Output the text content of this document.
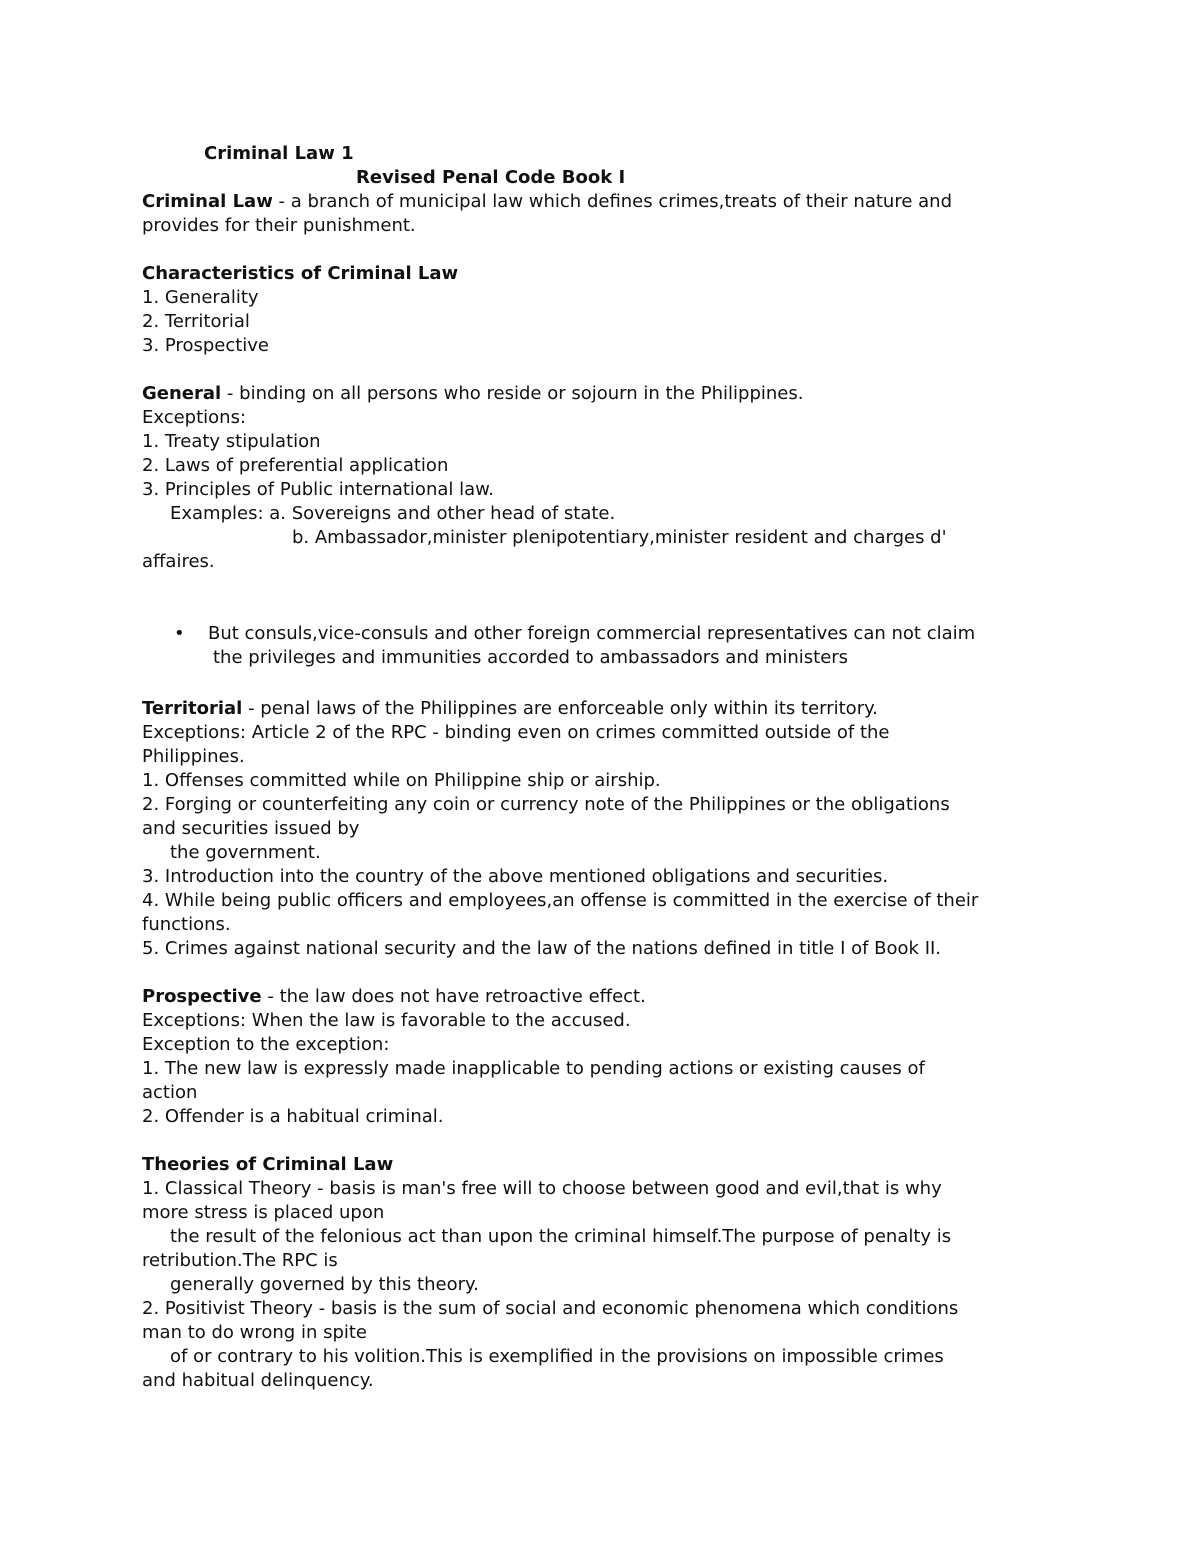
Criminal Law 1
Revised Penal Code Book I
Criminal Law - a branch of municipal law which defines crimes,treats of their nature and
provides for their punishment.
Characteristics of Criminal Law
1. Generality
2. Territorial
3. Prospective
General - binding on all persons who reside or sojourn in the Philippines.
Exceptions:
1. Treaty stipulation
2. Laws of preferential application
3. Principles of Public international law.
Examples: a. Sovereigns and other head of state.
b. Ambassador,minister plenipotentiary,minister resident and charges d'
affaires.
• But consuls,vice-consuls and other foreign commercial representatives can not claim
the privileges and immunities accorded to ambassadors and ministers
Territorial - penal laws of the Philippines are enforceable only within its territory.
Exceptions: Article 2 of the RPC - binding even on crimes committed outside of the
Philippines.
1. Offenses committed while on Philippine ship or airship.
2. Forging or counterfeiting any coin or currency note of the Philippines or the obligations
and securities issued by
the government.
3. Introduction into the country of the above mentioned obligations and securities.
4. While being public officers and employees,an offense is committed in the exercise of their
functions.
5. Crimes against national security and the law of the nations defined in title I of Book II.
Prospective - the law does not have retroactive effect.
Exceptions: When the law is favorable to the accused.
Exception to the exception:
1. The new law is expressly made inapplicable to pending actions or existing causes of
action
2. Offender is a habitual criminal.
Theories of Criminal Law
1. Classical Theory - basis is man's free will to choose between good and evil,that is why
more stress is placed upon
the result of the felonious act than upon the criminal himself.The purpose of penalty is
retribution.The RPC is
generally governed by this theory.
2. Positivist Theory - basis is the sum of social and economic phenomena which conditions
man to do wrong in spite
of or contrary to his volition.This is exemplified in the provisions on impossible crimes
and habitual delinquency.
